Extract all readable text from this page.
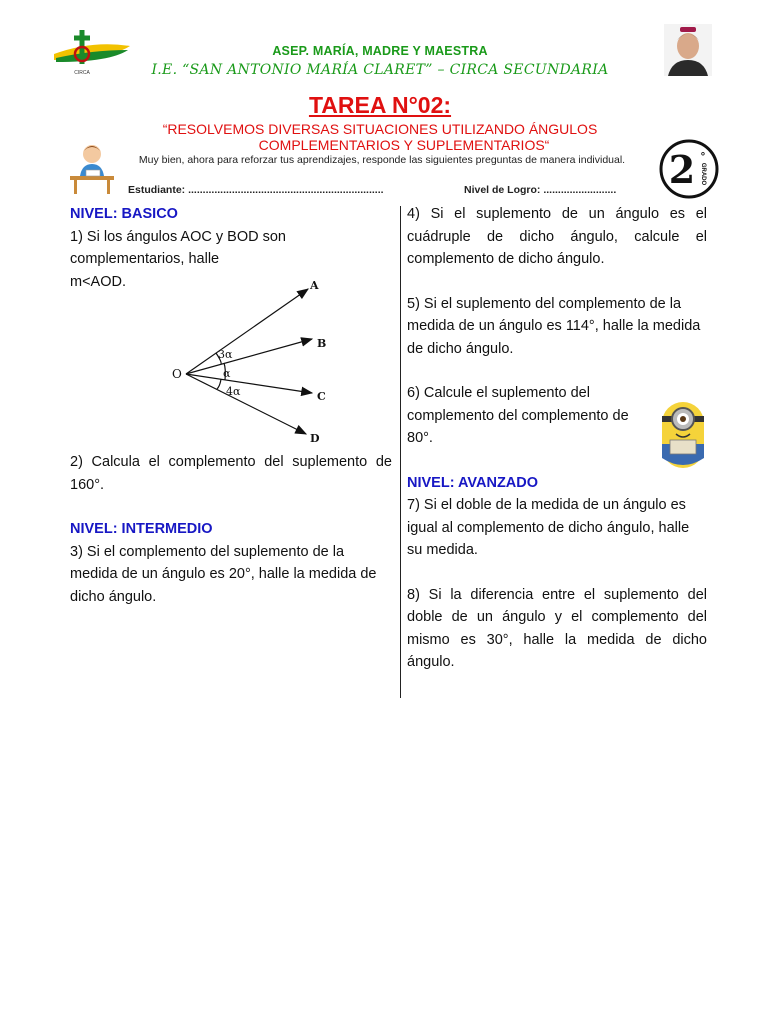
CIRCA
ASEP. MARÍA, MADRE Y MAESTRA
I.E. “SAN ANTONIO MARÍA CLARET” – CIRCA SECUNDARIA
TAREA N°02:
“RESOLVEMOS DIVERSAS SITUACIONES UTILIZANDO ÁNGULOS
COMPLEMENTARIOS Y SUPLEMENTARIOS“
Muy bien, ahora para reforzar tus aprendizajes, responde las siguientes preguntas de manera individual.	2 °
GRADO
Estudiante: ...................................................................	Nivel de Logro: .........................

NIVEL: BASICO

1) Si los ángulos AOC y BOD son

complementarios, halle

m<AOD.

2) Calcula el complemento del suplemento de 160°.

NIVEL: INTERMEDIO

3) Si el complemento del suplemento de la medida de un ángulo es 20°, halle la medida de dicho ángulo.

O
A
B
C
D
3α
α
4α

4) Si el suplemento de un ángulo es el cuádruple de dicho ángulo, calcule el complemento de dicho ángulo.

5) Si el suplemento del complemento de la medida de un ángulo es 114°, halle la medida de dicho ángulo.

6) Calcule el suplemento del

complemento del complemento de

80°.

NIVEL: AVANZADO

7) Si el doble de la medida de un ángulo es igual al complemento de dicho ángulo, halle su medida.

8) Si la diferencia entre el suplemento del doble de un ángulo y el complemento del mismo es 30°, halle la medida de dicho ángulo.
